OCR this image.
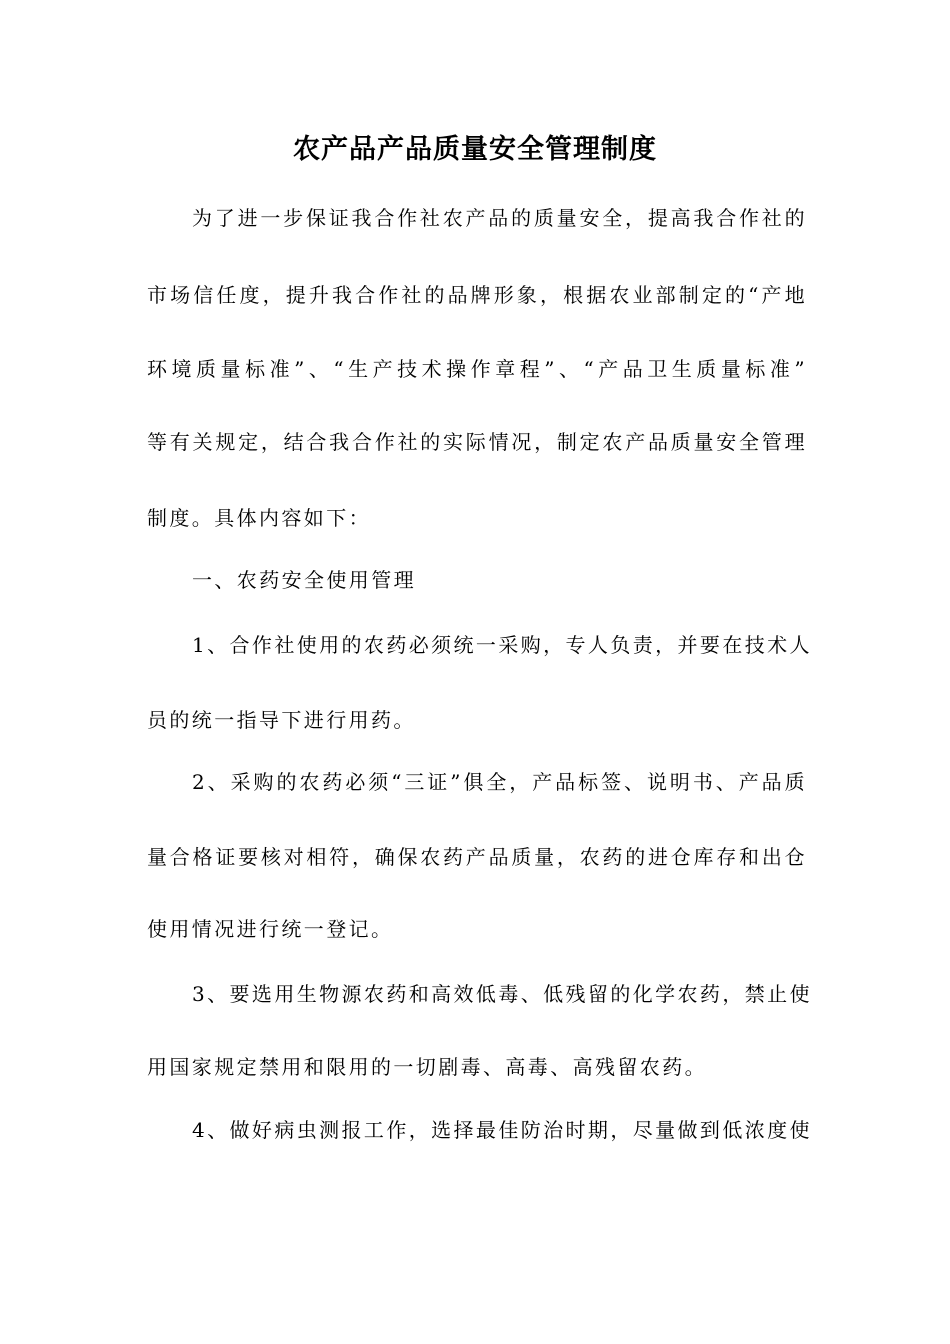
农产品产品质量安全管理制度

为了进一步保证我合作社农产品的质量安全，提高我合作社的

市场信任度，提升我合作社的品牌形象，根据农业部制定的“产地

环境质量标准”、“生产技术操作章程”、“产品卫生质量标准”

等有关规定，结合我合作社的实际情况，制定农产品质量安全管理

制度。具体内容如下：

一、农药安全使用管理

1、合作社使用的农药必须统一采购，专人负责，并要在技术人

员的统一指导下进行用药。

2、采购的农药必须“三证”俱全，产品标签、说明书、产品质

量合格证要核对相符，确保农药产品质量，农药的进仓库存和出仓

使用情况进行统一登记。

3、要选用生物源农药和高效低毒、低残留的化学农药，禁止使

用国家规定禁用和限用的一切剧毒、高毒、高残留农药。

4、做好病虫测报工作，选择最佳防治时期，尽量做到低浓度使
